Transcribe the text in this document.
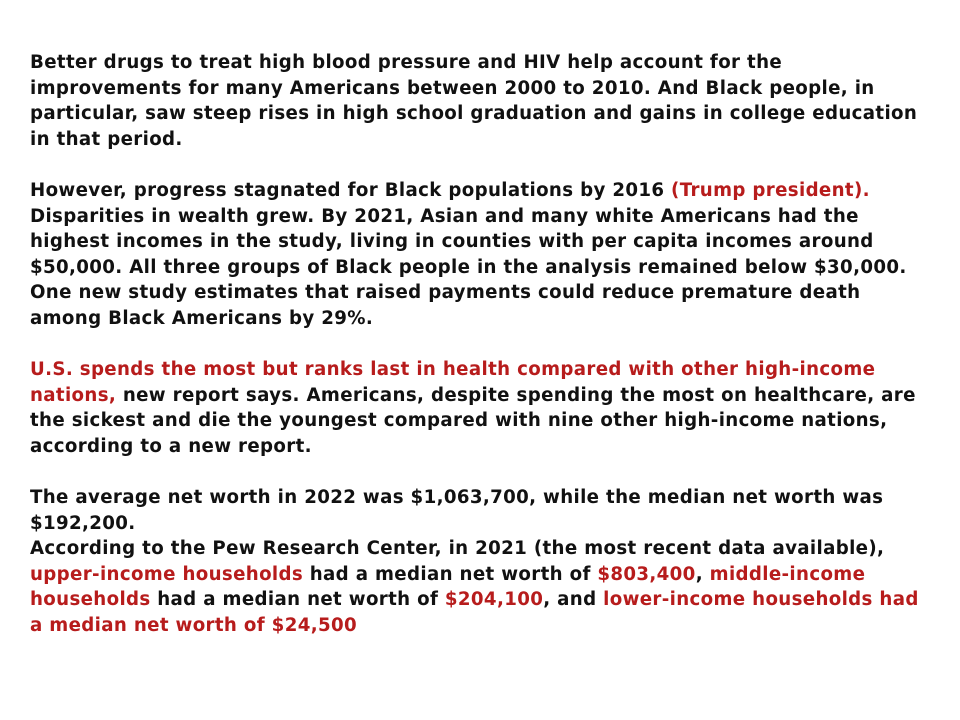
Better drugs to treat high blood pressure and HIV help account for the improvements for many Americans between 2000 to 2010. And Black people, in particular, saw steep rises in high school graduation and gains in college education in that period.

However, progress stagnated for Black populations by 2016 (Trump president). Disparities in wealth grew. By 2021, Asian and many white Americans had the highest incomes in the study, living in counties with per capita incomes around $50,000. All three groups of Black people in the analysis remained below $30,000.

One new study estimates that raised payments could reduce premature death among Black Americans by 29%.

U.S. spends the most but ranks last in health compared with other high-income nations, new report says. Americans, despite spending the most on healthcare, are the sickest and die the youngest compared with nine other high-income nations, according to a new report.

The average net worth in 2022 was $1,063,700, while the median net worth was $192,200.

According to the Pew Research Center, in 2021 (the most recent data available), upper-income households had a median net worth of $803,400, middle-income households had a median net worth of $204,100, and lower-income households had a median net worth of $24,500
